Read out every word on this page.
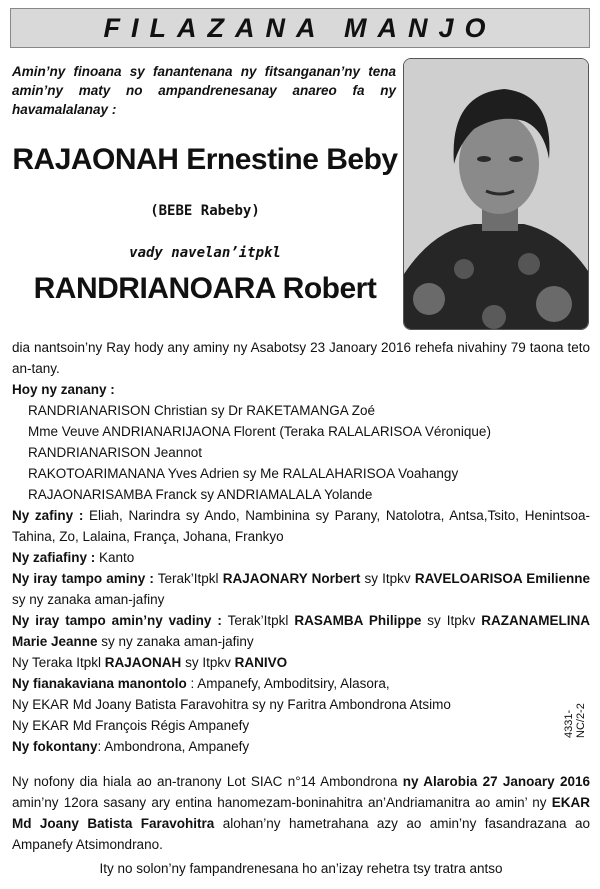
FILAZANA MANJO
Amin’ny finoana sy fanantenana ny fitsanganan’ny tena amin’ny maty no ampandrenesanay anareo fa ny havamalalanay :
RAJAONAH Ernestine Beby
(BEBE Rabeby)
vady navelan’itpkl
RANDRIANOARA Robert

dia nantsoin’ny Ray hody any aminy ny Asabotsy 23 Janoary 2016 rehefa nivahiny 79 taona teto an-tany.

Hoy ny zanany :

RANDRIANARISON Christian sy Dr RAKETAMANGA Zoé

Mme Veuve ANDRIANARIJAONA Florent (Teraka RALALARISOA Véronique)

RANDRIANARISON Jeannot

RAKOTOARIMANANA Yves Adrien sy Me RALALAHARISOA Voahangy

RAJAONARISAMBA Franck sy ANDRIAMALALA Yolande

Ny zafiny : Eliah, Narindra sy Ando, Nambinina sy Parany, Natolotra, Antsa,Tsito, Henintsoa-Tahina, Zo, Lalaina, França, Johana, Frankyo

Ny zafiafiny : Kanto

Ny iray tampo aminy : Terak’Itpkl RAJAONARY Norbert sy Itpkv RAVELOARISOA Emilienne sy ny zanaka aman-jafiny

Ny iray tampo amin’ny vadiny : Terak’Itpkl RASAMBA Philippe sy Itpkv RAZANAMELINA Marie Jeanne sy ny zanaka aman-jafiny

Ny Teraka Itpkl RAJAONAH sy Itpkv RANIVO

Ny fianakaviana manontolo : Ampanefy, Amboditsiry, Alasora,

Ny EKAR Md Joany Batista Faravohitra sy ny Faritra Ambondrona Atsimo

Ny EKAR Md François Régis Ampanefy

Ny fokontany: Ambondrona, Ampanefy

Ny nofony dia hiala ao an-tranony Lot SIAC n°14 Ambondrona ny Alarobia 27 Janoary 2016 amin’ny 12ora sasany ary entina hanomezam-boninahitra an’Andriamanitra ao amin’ ny EKAR Md Joany Batista Faravohitra alohan’ny hametrahana azy ao amin’ny fasandrazana ao Ampanefy Atsimondrano.

Ity no solon’ny fampandrenesana ho an’izay rehetra tsy tratra antso

4331-NC/2-2
